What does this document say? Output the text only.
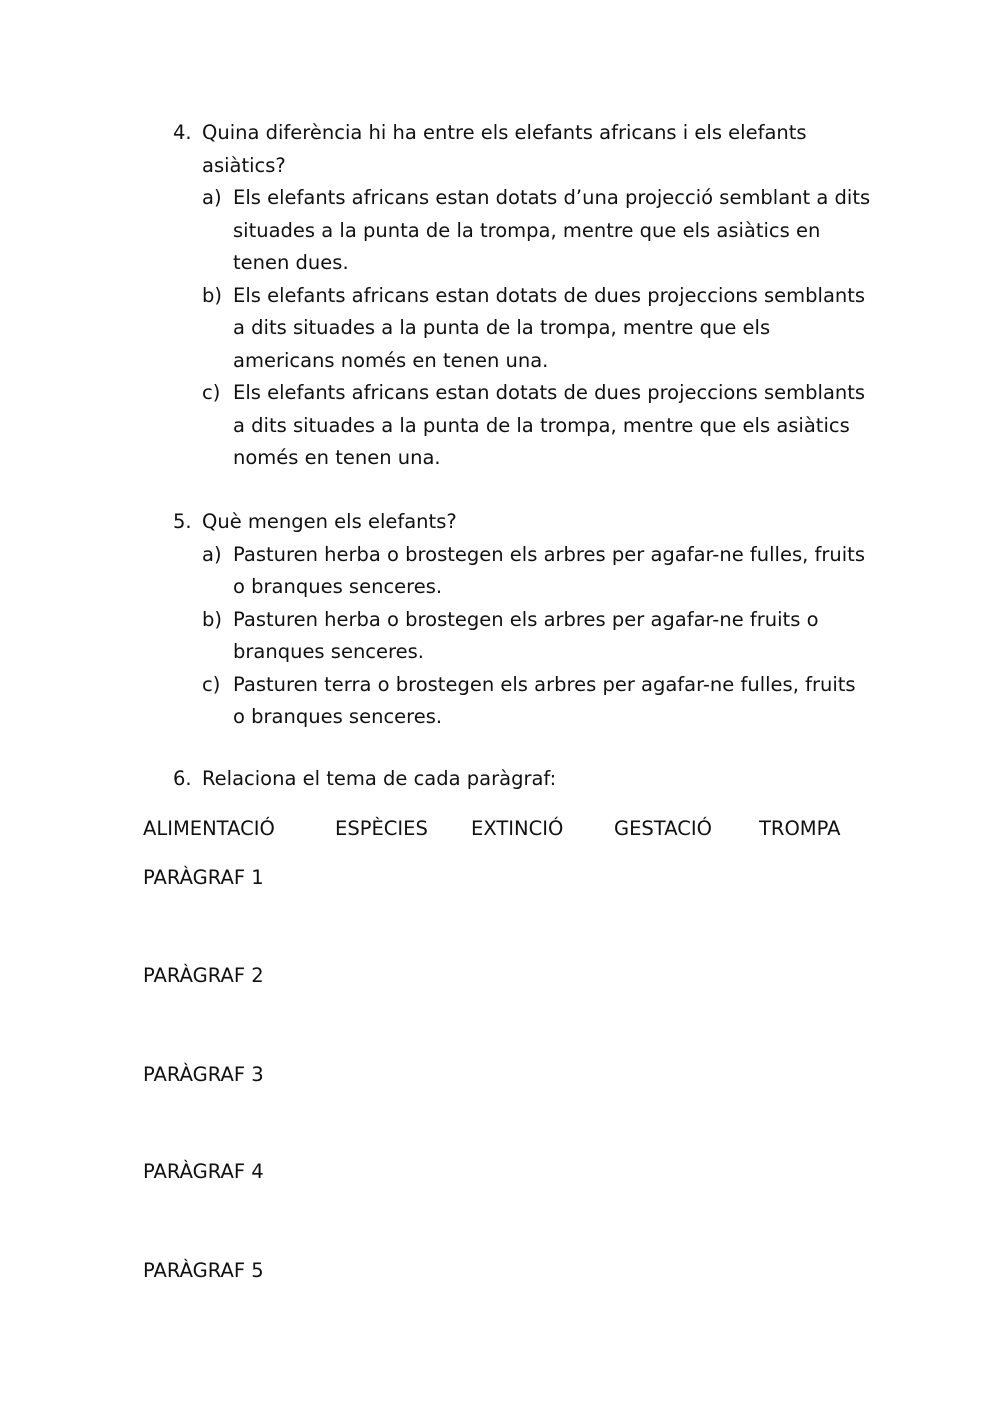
4. Quina diferència hi ha entre els elefants africans i els elefants asiàtics?
a) Els elefants africans estan dotats d’una projecció semblant a dits situades a la punta de la trompa, mentre que els asiàtics en tenen dues.
b) Els elefants africans estan dotats de dues projeccions semblants a dits situades a la punta de la trompa, mentre que els americans només en tenen una.
c) Els elefants africans estan dotats de dues projeccions semblants a dits situades a la punta de la trompa, mentre que els asiàtics només en tenen una.
5. Què mengen els elefants?
a) Pasturen herba o brostegen els arbres per agafar-ne fulles, fruits o branques senceres.
b) Pasturen herba o brostegen els arbres per agafar-ne fruits o branques senceres.
c) Pasturen terra o brostegen els arbres per agafar-ne fulles, fruits o branques senceres.
6. Relaciona el tema de cada paràgraf:
ALIMENTACIÓ	ESPÈCIES EXTINCIÓ	GESTACIÓ TROMPA
PARÀGRAF 1
PARÀGRAF 2
PARÀGRAF 3
PARÀGRAF 4
PARÀGRAF 5
